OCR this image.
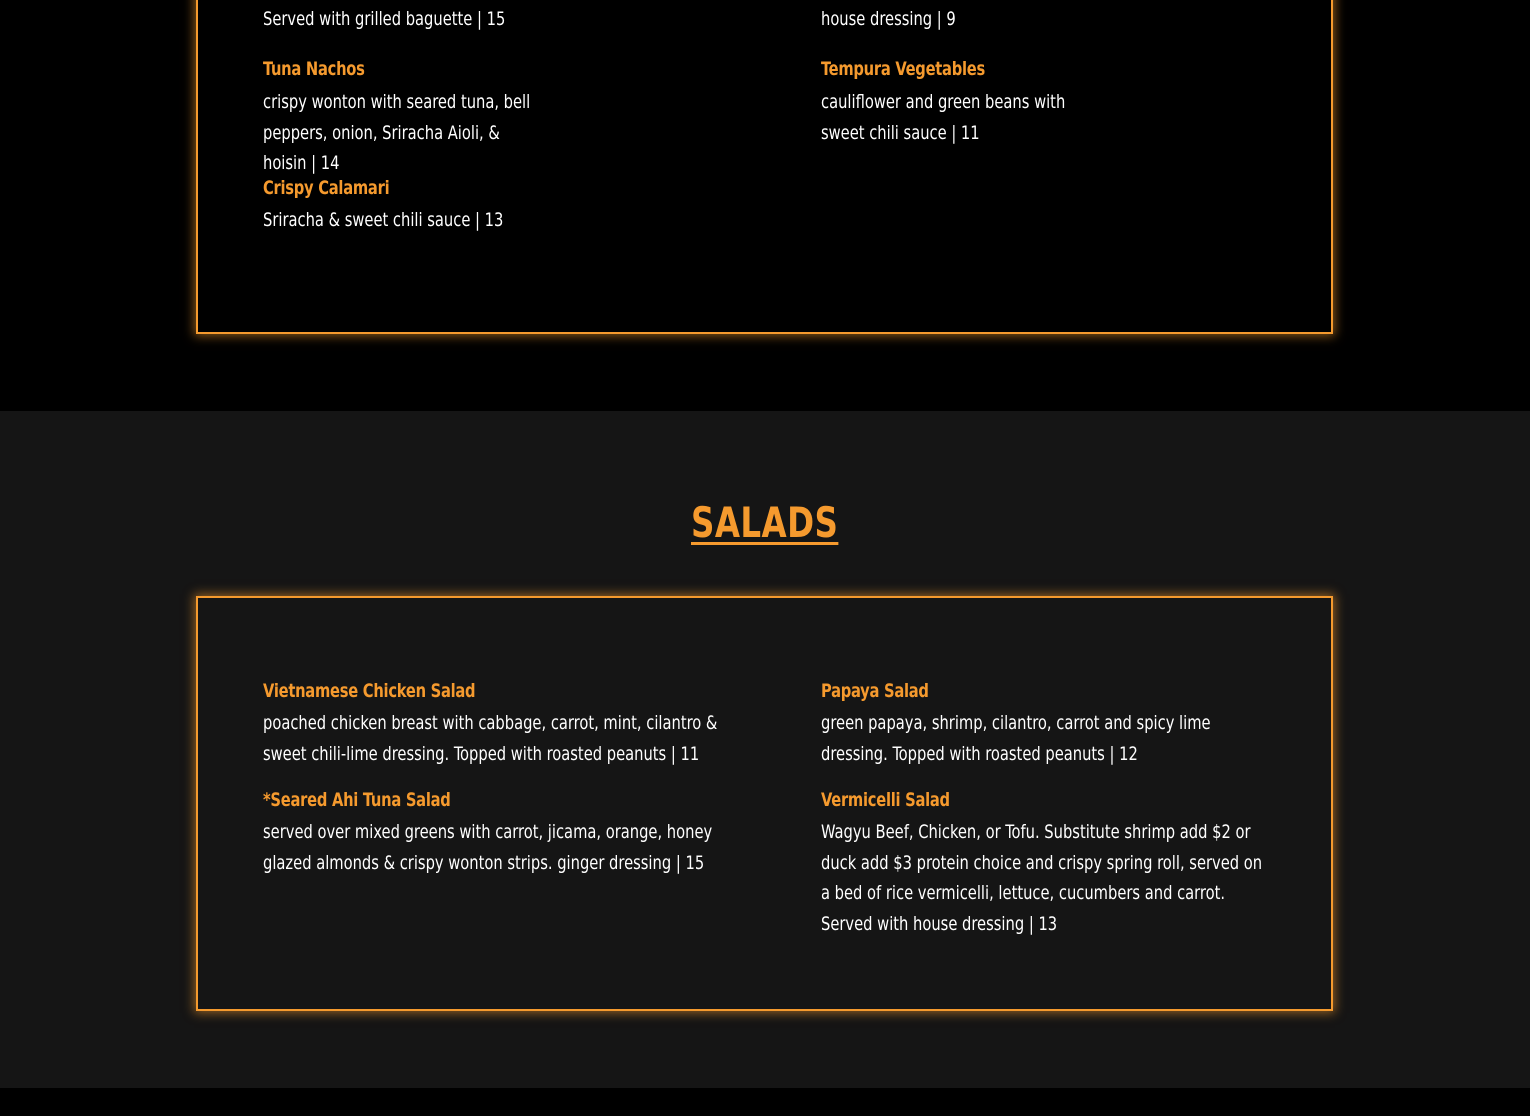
Served with grilled baguette | 15	house dressing | 9

Tuna Nachos

crispy wonton with seared tuna, bell peppers, onion, Sriracha Aioli, & hoisin | 14

Tempura Vegetables

cauliflower and green beans with sweet chili sauce | 11

Crispy Calamari

Sriracha & sweet chili sauce | 13

SALADS

Vietnamese Chicken Salad

poached chicken breast with cabbage, carrot, mint, cilantro & sweet chili-lime dressing. Topped with roasted peanuts | 11

*Seared Ahi Tuna Salad

served over mixed greens with carrot, jicama, orange, honey glazed almonds & crispy wonton strips. ginger dressing | 15

Papaya Salad

green papaya, shrimp, cilantro, carrot and spicy lime dressing. Topped with roasted peanuts | 12

Vermicelli Salad

Wagyu Beef, Chicken, or Tofu. Substitute shrimp add $2 or duck add $3 protein choice and crispy spring roll, served on a bed of rice vermicelli, lettuce, cucumbers and carrot. Served with house dressing | 13
